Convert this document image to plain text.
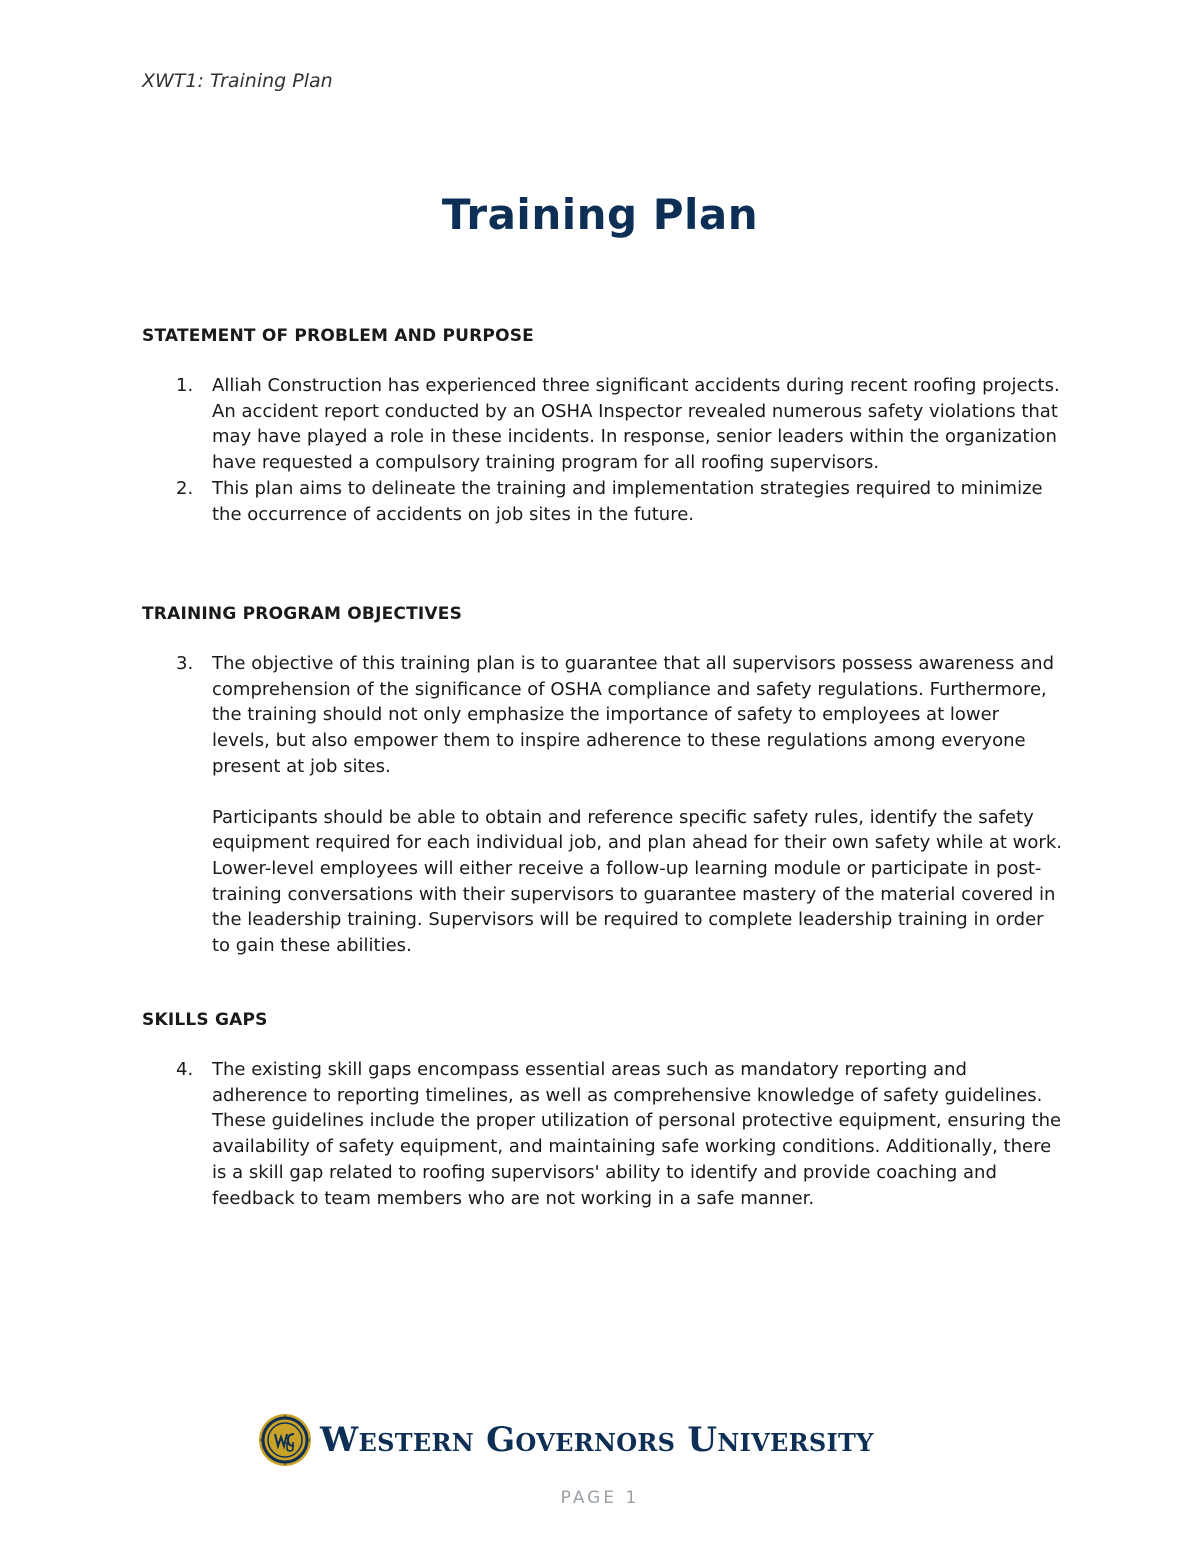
XWT1: Training Plan
Training Plan
STATEMENT OF PROBLEM AND PURPOSE
1. Alliah Construction has experienced three significant accidents during recent roofing projects. An accident report conducted by an OSHA Inspector revealed numerous safety violations that may have played a role in these incidents. In response, senior leaders within the organization have requested a compulsory training program for all roofing supervisors.
2. This plan aims to delineate the training and implementation strategies required to minimize the occurrence of accidents on job sites in the future.
TRAINING PROGRAM OBJECTIVES
3. The objective of this training plan is to guarantee that all supervisors possess awareness and comprehension of the significance of OSHA compliance and safety regulations. Furthermore, the training should not only emphasize the importance of safety to employees at lower levels, but also empower them to inspire adherence to these regulations among everyone present at job sites.
Participants should be able to obtain and reference specific safety rules, identify the safety equipment required for each individual job, and plan ahead for their own safety while at work. Lower-level employees will either receive a follow-up learning module or participate in post-training conversations with their supervisors to guarantee mastery of the material covered in the leadership training. Supervisors will be required to complete leadership training in order to gain these abilities.
SKILLS GAPS
4. The existing skill gaps encompass essential areas such as mandatory reporting and adherence to reporting timelines, as well as comprehensive knowledge of safety guidelines. These guidelines include the proper utilization of personal protective equipment, ensuring the availability of safety equipment, and maintaining safe working conditions. Additionally, there is a skill gap related to roofing supervisors' ability to identify and provide coaching and feedback to team members who are not working in a safe manner.
Western Governors University
PAGE 1
